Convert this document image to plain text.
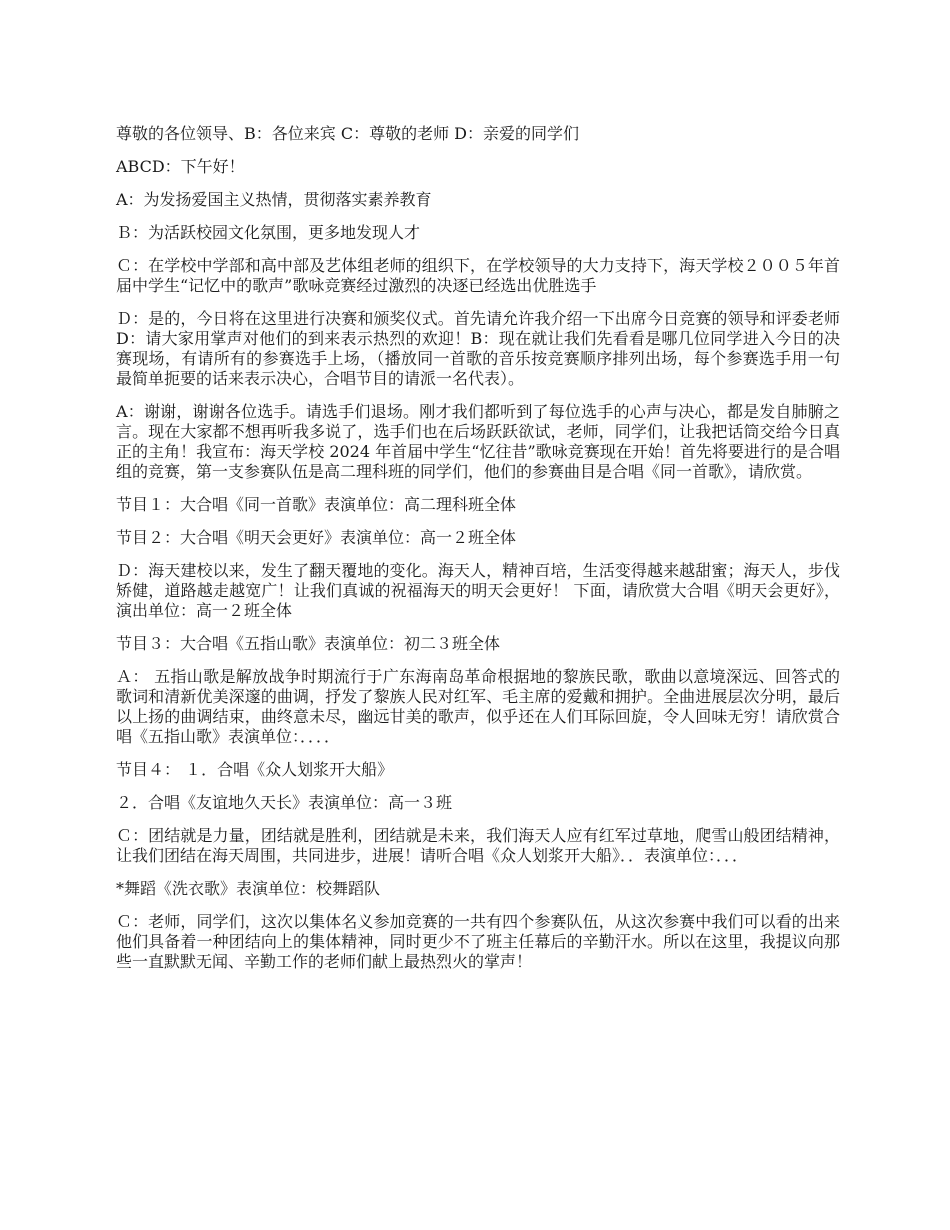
尊敬的各位领导、B：各位来宾 C：尊敬的老师 D：亲爱的同学们

ABCD：下午好！

A：为发扬爱国主义热情，贯彻落实素养教育

Ｂ：为活跃校园文化氛围，更多地发现人才

Ｃ：在学校中学部和高中部及艺体组老师的组织下，在学校领导的大力支持下，海天学校２００５年首届中学生“记忆中的歌声”歌咏竞赛经过激烈的决逐已经选出优胜选手

Ｄ：是的，今日将在这里进行决赛和颁奖仪式。首先请允许我介绍一下出席今日竞赛的领导和评委老师 D：请大家用掌声对他们的到来表示热烈的欢迎！B：现在就让我们先看看是哪几位同学进入今日的决赛现场，有请所有的参赛选手上场，（播放同一首歌的音乐按竞赛顺序排列出场，每个参赛选手用一句最简单扼要的话来表示决心，合唱节目的请派一名代表）。

A：谢谢，谢谢各位选手。请选手们退场。刚才我们都听到了每位选手的心声与决心，都是发自肺腑之言。现在大家都不想再听我多说了，选手们也在后场跃跃欲试，老师，同学们，让我把话筒交给今日真正的主角！我宣布：海天学校 2024 年首届中学生“忆往昔”歌咏竞赛现在开始！首先将要进行的是合唱组的竞赛，第一支参赛队伍是高二理科班的同学们，他们的参赛曲目是合唱《同一首歌》，请欣赏。

节目１：大合唱《同一首歌》表演单位：高二理科班全体

节目２：大合唱《明天会更好》表演单位：高一２班全体

Ｄ：海天建校以来，发生了翻天覆地的变化。海天人，精神百培，生活变得越来越甜蜜；海天人，步伐矫健，道路越走越宽广！让我们真诚的祝福海天的明天会更好！ 下面，请欣赏大合唱《明天会更好》，演出单位：高一２班全体

节目３：大合唱《五指山歌》表演单位：初二３班全体

Ａ： 五指山歌是解放战争时期流行于广东海南岛革命根据地的黎族民歌，歌曲以意境深远、回答式的歌词和清新优美深邃的曲调，抒发了黎族人民对红军、毛主席的爱戴和拥护。全曲进展层次分明，最后以上扬的曲调结束，曲终意未尽，幽远甘美的歌声，似乎还在人们耳际回旋，令人回味无穷！请欣赏合唱《五指山歌》表演单位：．．．．

节目４： １．合唱《众人划浆开大船》

２．合唱《友谊地久天长》表演单位：高一３班

Ｃ：团结就是力量，团结就是胜利，团结就是未来，我们海天人应有红军过草地，爬雪山般团结精神，让我们团结在海天周围，共同进步，进展！请听合唱《众人划浆开大船》．．表演单位：．．．

*舞蹈《洗衣歌》表演单位：校舞蹈队

Ｃ：老师，同学们，这次以集体名义参加竞赛的一共有四个参赛队伍，从这次参赛中我们可以看的出来他们具备着一种团结向上的集体精神，同时更少不了班主任幕后的辛勤汗水。所以在这里，我提议向那些一直默默无闻、辛勤工作的老师们献上最热烈火的掌声！
